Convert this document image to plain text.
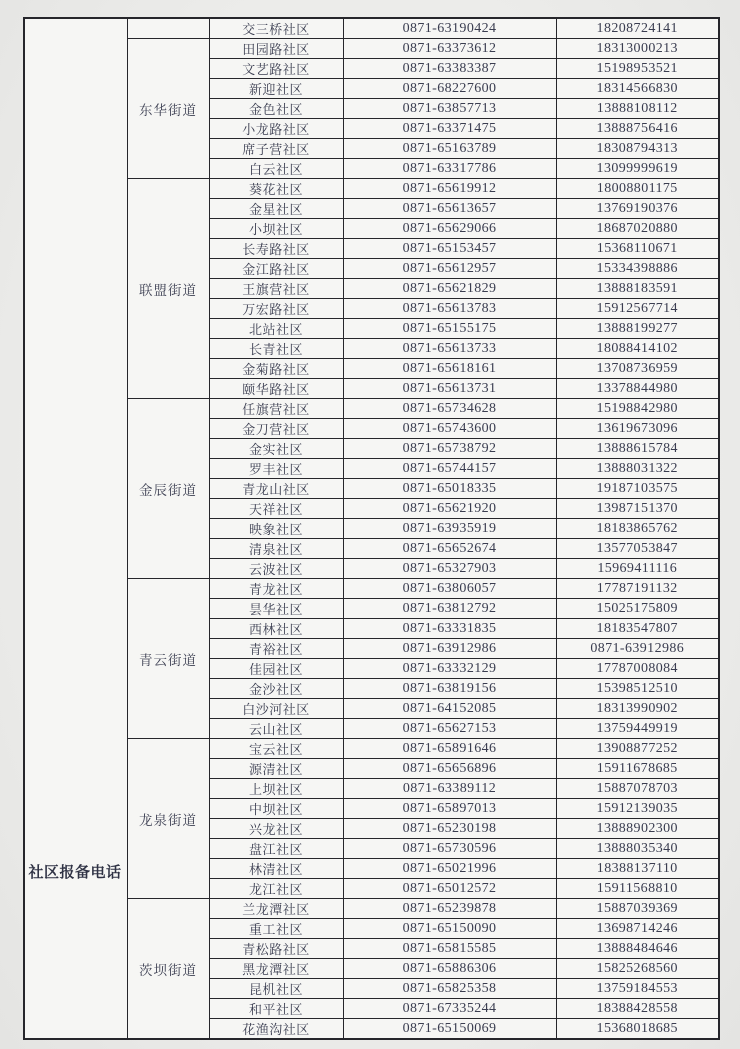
		交三桥社区	0871-63190424	18208724141
	东华街道	田园路社区	0871-63373612	18313000213
		文艺路社区	0871-63383387	15198953521
		新迎社区	0871-68227600	18314566830
		金色社区	0871-63857713	13888108112
		小龙路社区	0871-63371475	13888756416
		席子营社区	0871-65163789	18308794313
		白云社区	0871-63317786	13099999619
	联盟街道	葵花社区	0871-65619912	18008801175
		金星社区	0871-65613657	13769190376
		小坝社区	0871-65629066	18687020880
		长寿路社区	0871-65153457	15368110671
		金江路社区	0871-65612957	15334398886
		王旗营社区	0871-65621829	13888183591
		万宏路社区	0871-65613783	15912567714
		北站社区	0871-65155175	13888199277
		长青社区	0871-65613733	18088414102
		金菊路社区	0871-65618161	13708736959
		颐华路社区	0871-65613731	13378844980
	金辰街道	任旗营社区	0871-65734628	15198842980
		金刀营社区	0871-65743600	13619673096
		金实社区	0871-65738792	13888615784
		罗丰社区	0871-65744157	13888031322
		青龙山社区	0871-65018335	19187103575
		天祥社区	0871-65621920	13987151370
		映象社区	0871-63935919	18183865762
		清泉社区	0871-65652674	13577053847
		云波社区	0871-65327903	15969411116
	青云街道	青龙社区	0871-63806057	17787191132
		昙华社区	0871-63812792	15025175809
		西林社区	0871-63331835	18183547807
		青裕社区	0871-63912986	0871-63912986
		佳园社区	0871-63332129	17787008084
		金沙社区	0871-63819156	15398512510
		白沙河社区	0871-64152085	18313990902
		云山社区	0871-65627153	13759449919
	龙泉街道	宝云社区	0871-65891646	13908877252
		源清社区	0871-65656896	15911678685
		上坝社区	0871-63389112	15887078703
		中坝社区	0871-65897013	15912139035
		兴龙社区	0871-65230198	13888902300
		盘江社区	0871-65730596	13888035340
		林清社区	0871-65021996	18388137110
		龙江社区	0871-65012572	15911568810
	茨坝街道	兰龙潭社区	0871-65239878	15887039369
		重工社区	0871-65150090	13698714246
		青松路社区	0871-65815585	13888484646
		黑龙潭社区	0871-65886306	15825268560
		昆机社区	0871-65825358	13759184553
		和平社区	0871-67335244	18388428558
		花渔沟社区	0871-65150069	15368018685
社区报备电话
